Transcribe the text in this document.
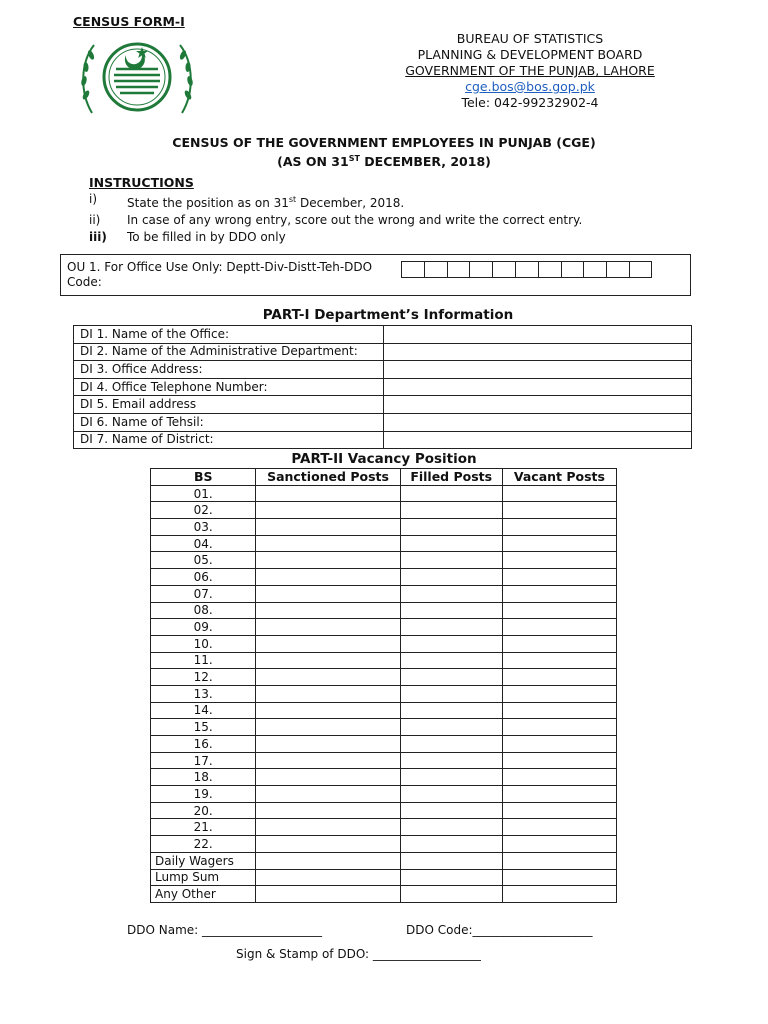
CENSUS FORM-I
BUREAU OF STATISTICS
PLANNING & DEVELOPMENT BOARD
GOVERNMENT OF THE PUNJAB, LAHORE
cge.bos@bos.gop.pk
Tele: 042-99232902-4
CENSUS OF THE GOVERNMENT EMPLOYEES IN PUNJAB (CGE)
(AS ON 31ST DECEMBER, 2018)
INSTRUCTIONS
i)	State the position as on 31st December, 2018.
ii)	In case of any wrong entry, score out the wrong and write the correct entry.
iii)	To be filled in by DDO only
OU 1. For Office Use Only: Deptt-Div-Distt-Teh-DDO Code:
PART-I Department’s Information
DI 1. Name of the Office:	
DI 2. Name of the Administrative Department:	
DI 3. Office Address:	
DI 4. Office Telephone Number:	
DI 5. Email address	
DI 6. Name of Tehsil:	
DI 7. Name of District:	
PART-II Vacancy Position
BS	Sanctioned Posts	Filled Posts	Vacant Posts
01.			
02.			
03.			
04.			
05.			
06.			
07.			
08.			
09.			
10.			
11.			
12.			
13.			
14.			
15.			
16.			
17.			
18.			
19.			
20.			
21.			
22.			
Daily Wagers			
Lump Sum			
Any Other			
DDO Name: ____________________	DDO Code:____________________
Sign & Stamp of DDO: __________________
